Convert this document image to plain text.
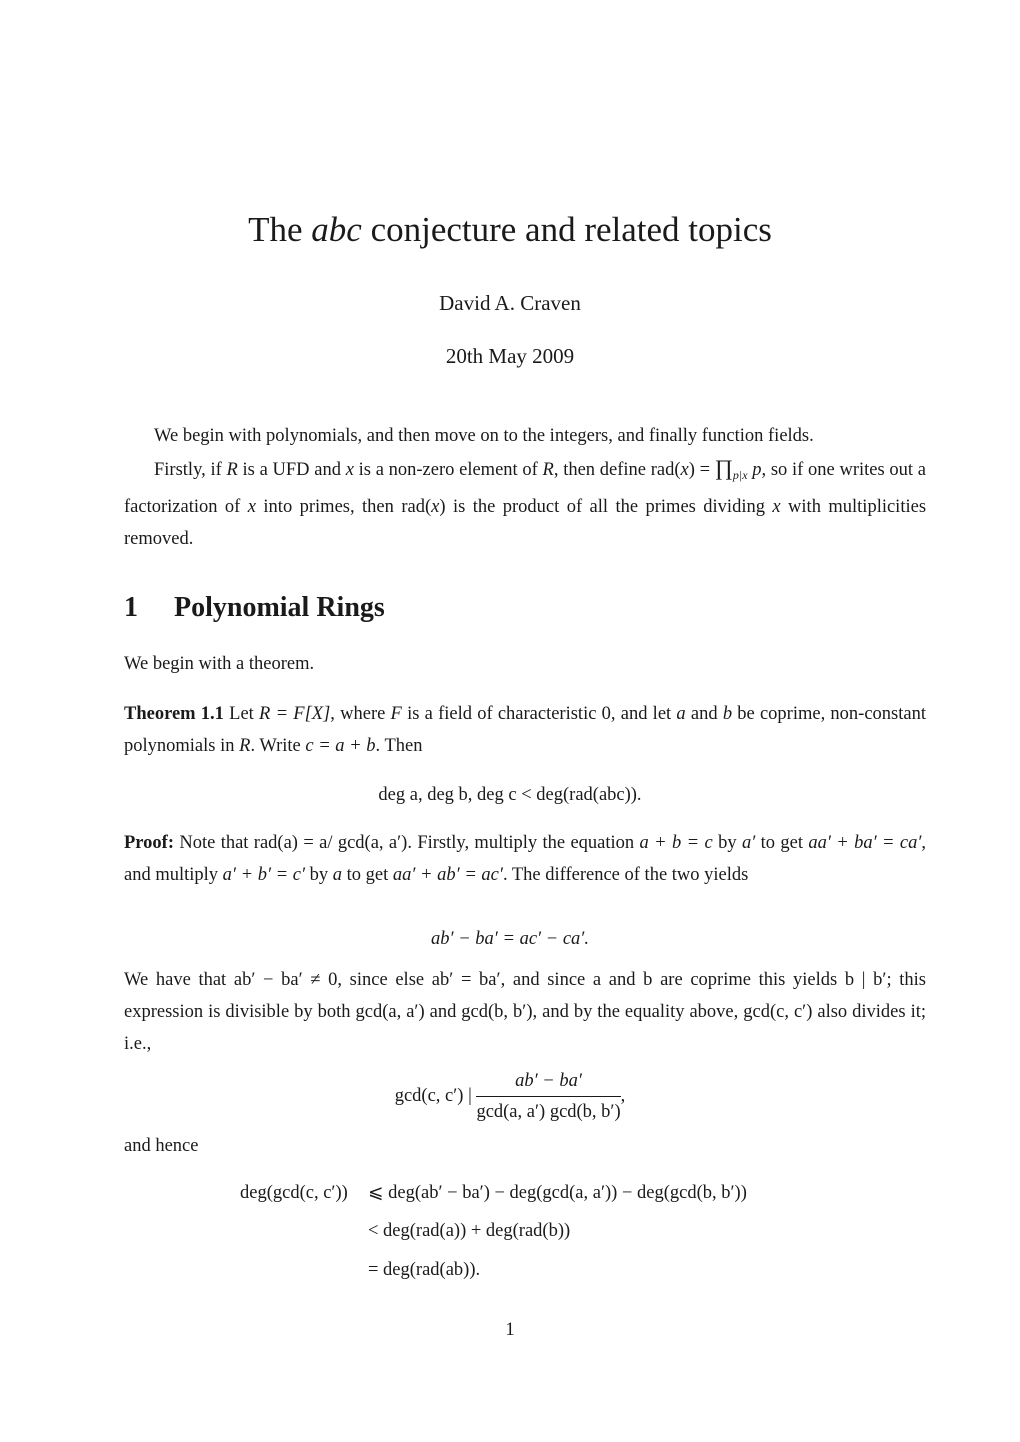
The abc conjecture and related topics
David A. Craven
20th May 2009
We begin with polynomials, and then move on to the integers, and finally function fields.
Firstly, if R is a UFD and x is a non-zero element of R, then define $rad(x) = \prod_{p|x}$ p, so if one writes out a factorization of x into primes, then rad(x) is the product of all the primes dividing x with multiplicities removed.
1 Polynomial Rings
We begin with a theorem.
Theorem 1.1 Let R = F[X], where F is a field of characteristic 0, and let a and b be coprime, non-constant polynomials in R. Write c = a + b. Then
deg a, deg b, deg c < deg(rad(abc)).
Proof: Note that rad(a) = a/ gcd(a, a′). Firstly, multiply the equation a + b = c by a′ to get aa′ + ba′ = ca′, and multiply a′ + b′ = c′ by a to get aa′ + ab′ = ac′. The difference of the two yields
ab′ − ba′ = ac′ − ca′.
We have that ab′ − ba′ ≠ 0, since else ab′ = ba′, and since a and b are coprime this yields b | b′; this expression is divisible by both gcd(a, a′) and gcd(b, b′), and by the equality above, gcd(c, c′) also divides it; i.e.,
gcd(c, c′) | $\frac{ab' - ba'}{\gcd(a, a') \gcd(b, b')}$ ,
and hence
deg(gcd(c, c′)) ⩽ deg(ab′ − ba′) − deg(gcd(a, a′)) − deg(gcd(b, b′))
< deg(rad(a)) + deg(rad(b))
= deg(rad(ab)).
1
